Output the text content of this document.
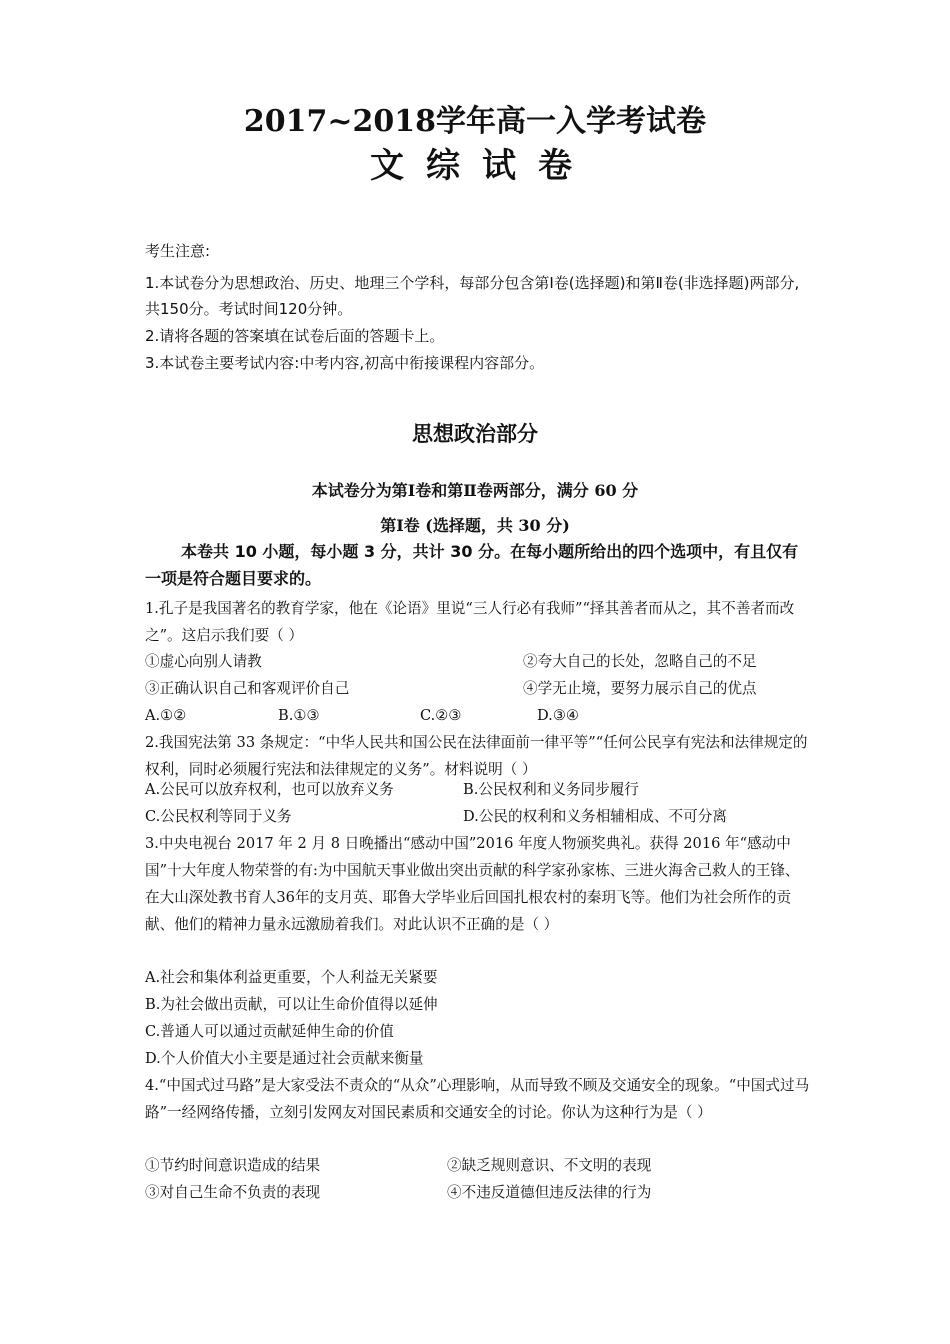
2017~2018学年高一入学考试卷
文综试卷
考生注意:
1.本试卷分为思想政治、历史、地理三个学科，每部分包含第Ⅰ卷(选择题)和第Ⅱ卷(非选择题)两部分,共150分。考试时间120分钟。
2.请将各题的答案填在试卷后面的答题卡上。
3.本试卷主要考试内容:中考内容,初高中衔接课程内容部分。
思想政治部分
本试卷分为第Ⅰ卷和第Ⅱ卷两部分，满分 60 分
第Ⅰ卷 (选择题，共 30 分)
本卷共 10 小题，每小题 3 分，共计 30 分。在每小题所给出的四个选项中，有且仅有一项是符合题目要求的。
1.孔子是我国著名的教育学家，他在《论语》里说“三人行必有我师”“择其善者而从之，其不善者而改之”。这启示我们要（ ）
①虚心向别人请教	②夸大自己的长处，忽略自己的不足
③正确认识自己和客观评价自己	④学无止境，要努力展示自己的优点
A.①②	B.①③	C.②③	D.③④
2.我国宪法第 33 条规定：“中华人民共和国公民在法律面前一律平等”“任何公民享有宪法和法律规定的权利，同时必须履行宪法和法律规定的义务”。材料说明（ ）
A.公民可以放弃权利，也可以放弃义务	B.公民权利和义务同步履行
C.公民权利等同于义务	D.公民的权利和义务相辅相成、不可分离
3.中央电视台 2017 年 2 月 8 日晚播出“感动中国”2016 年度人物颁奖典礼。获得 2016 年“感动中国”十大年度人物荣誉的有:为中国航天事业做出突出贡献的科学家孙家栋、三进火海舍己救人的王锋、在大山深处教书育人36年的支月英、耶鲁大学毕业后回国扎根农村的秦玥飞等。他们为社会所作的贡献、他们的精神力量永远激励着我们。对此认识不正确的是（ ）
A.社会和集体利益更重要，个人利益无关紧要
B.为社会做出贡献，可以让生命价值得以延伸
C.普通人可以通过贡献延伸生命的价值
D.个人价值大小主要是通过社会贡献来衡量
4.“中国式过马路”是大家受法不责众的“从众”心理影响，从而导致不顾及交通安全的现象。“中国式过马路”一经网络传播，立刻引发网友对国民素质和交通安全的讨论。你认为这种行为是（ ）
①节约时间意识造成的结果	②缺乏规则意识、不文明的表现
③对自己生命不负责的表现	④不违反道德但违反法律的行为
